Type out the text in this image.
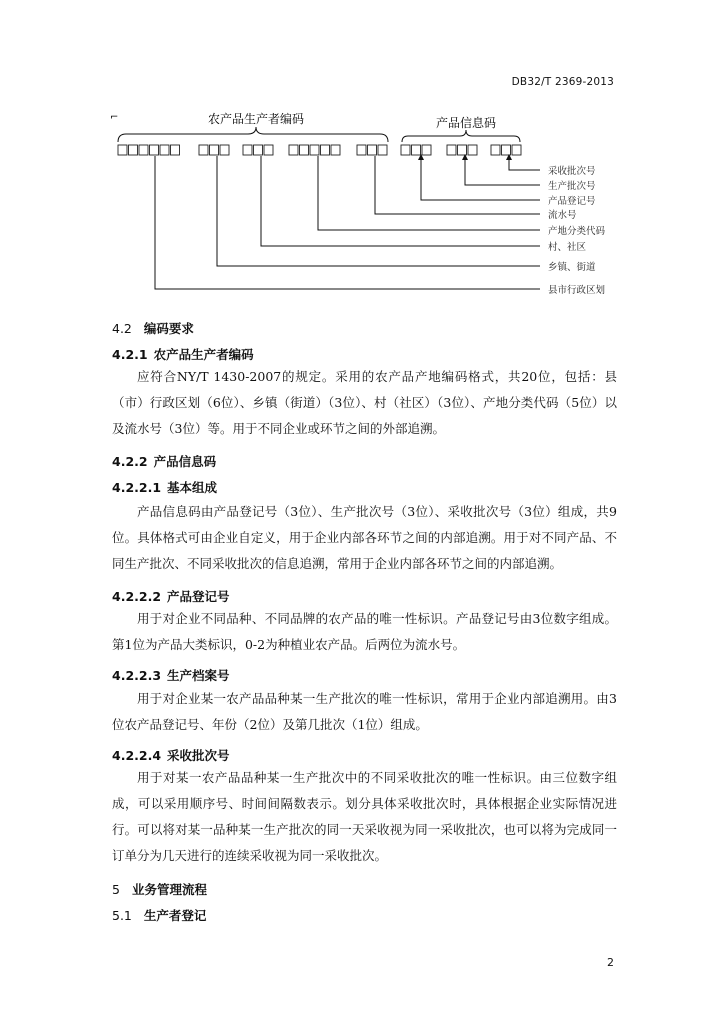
DB32/T 2369-2013
⌐	农产品生产者编码	产品信息码
采收批次号
生产批次号
产品登记号
流水号
产地分类代码
村、社区
乡镇、街道
县市行政区划
4.2 编码要求
4.2.1 农产品生产者编码
应符合NY/T 1430-2007的规定。采用的农产品产地编码格式，共20位，包括：县（市）行政区划（6位）、乡镇（街道）（3位）、村（社区）（3位）、产地分类代码（5位）以及流水号（3位）等。用于不同企业或环节之间的外部追溯。
4.2.2 产品信息码
4.2.2.1 基本组成
产品信息码由产品登记号（3位）、生产批次号（3位）、采收批次号（3位）组成，共9位。具体格式可由企业自定义，用于企业内部各环节之间的内部追溯。用于对不同产品、不同生产批次、不同采收批次的信息追溯，常用于企业内部各环节之间的内部追溯。
4.2.2.2 产品登记号
用于对企业不同品种、不同品牌的农产品的唯一性标识。产品登记号由3位数字组成。第1位为产品大类标识，0-2为种植业农产品。后两位为流水号。
4.2.2.3 生产档案号
用于对企业某一农产品品种某一生产批次的唯一性标识，常用于企业内部追溯用。由3位农产品登记号、年份（2位）及第几批次（1位）组成。
4.2.2.4 采收批次号
用于对某一农产品品种某一生产批次中的不同采收批次的唯一性标识。由三位数字组成，可以采用顺序号、时间间隔数表示。划分具体采收批次时，具体根据企业实际情况进行。可以将对某一品种某一生产批次的同一天采收视为同一采收批次，也可以将为完成同一订单分为几天进行的连续采收视为同一采收批次。
5 业务管理流程
5.1 生产者登记
2
